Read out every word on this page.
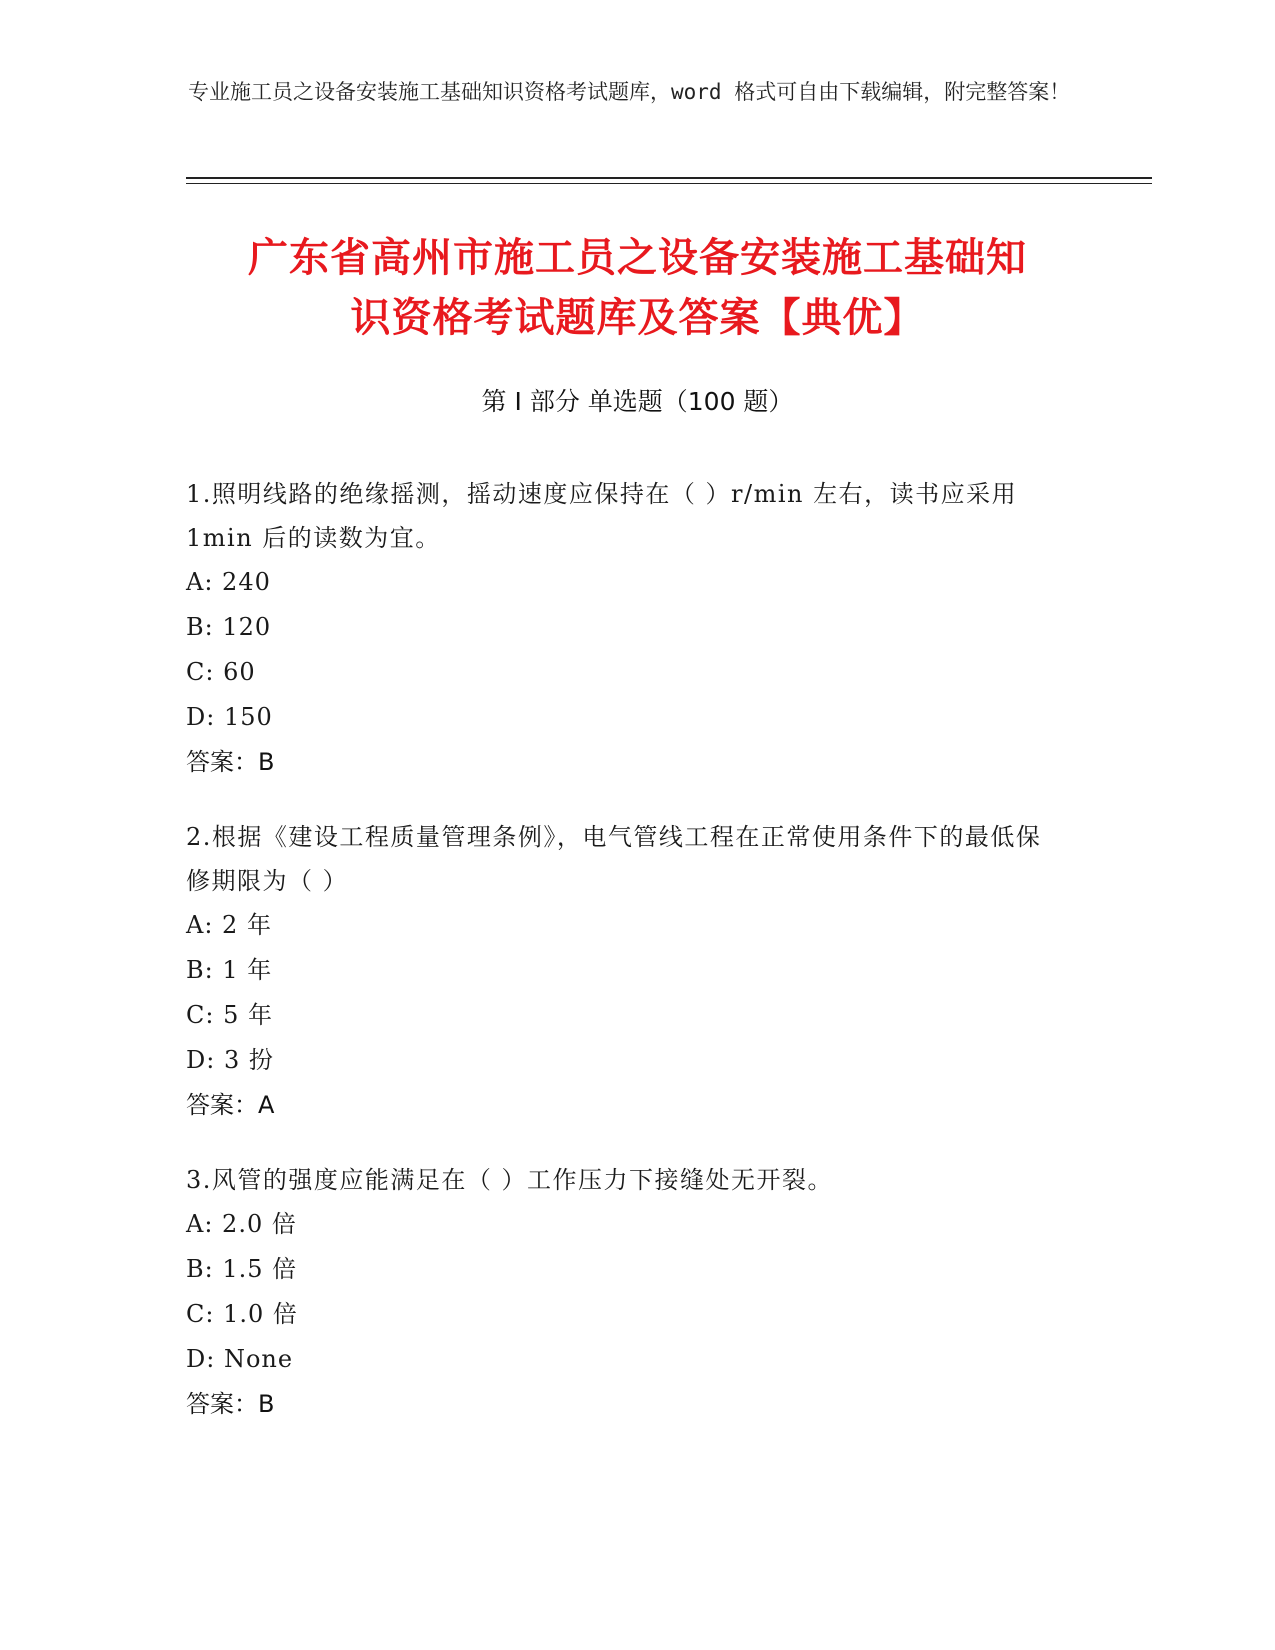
专业施工员之设备安装施工基础知识资格考试题库，word 格式可自由下载编辑，附完整答案！
广东省高州市施工员之设备安装施工基础知
识资格考试题库及答案【典优】
第 I 部分 单选题（100 题）
1.照明线路的绝缘摇测，摇动速度应保持在（ ）r/min 左右，读书应采用 1min 后的读数为宜。
A: 240
B: 120
C: 60
D: 150
答案：B
2.根据《建设工程质量管理条例》，电气管线工程在正常使用条件下的最低保修期限为（ ）
A: 2 年
B: 1 年
C: 5 年
D: 3 扮
答案：A
3.风管的强度应能满足在（ ）工作压力下接缝处无开裂。
A: 2.0 倍
B: 1.5 倍
C: 1.0 倍
D: None
答案：B
